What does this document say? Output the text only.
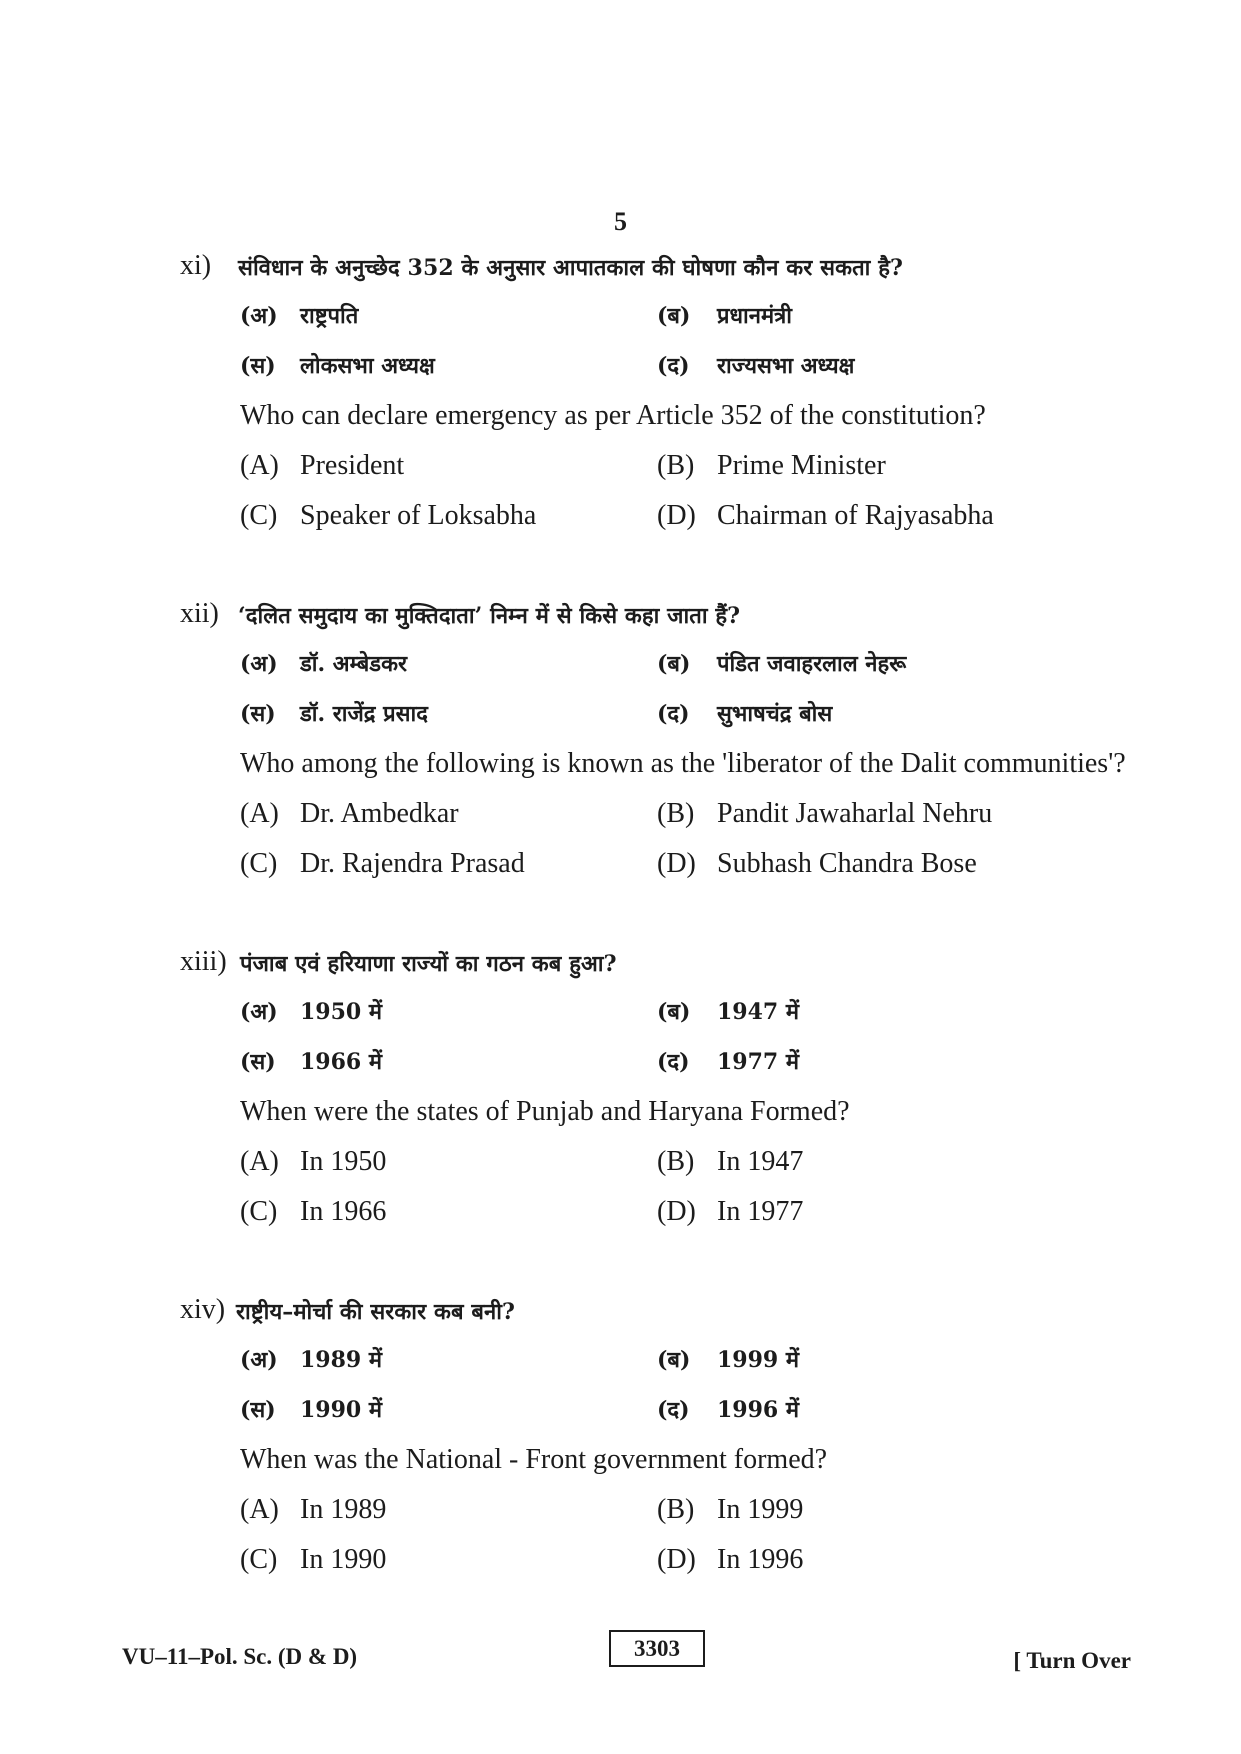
5
xi) संविधान के अनुच्छेद 352 के अनुसार आपातकाल की घोषणा कौन कर सकता है?
(अ) राष्ट्रपति	(ब) प्रधानमंत्री
(स) लोकसभा अध्यक्ष	(द) राज्यसभा अध्यक्ष
Who can declare emergency as per Article 352 of the constitution?
(A) President	(B) Prime Minister
(C) Speaker of Loksabha	(D) Chairman of Rajyasabha
xii) ‘दलित समुदाय का मुक्तिदाता’ निम्न में से किसे कहा जाता हैं?
(अ) डॉ. अम्बेडकर	(ब) पंडित जवाहरलाल नेहरू
(स) डॉ. राजेंद्र प्रसाद	(द) सुभाषचंद्र बोस
Who among the following is known as the 'liberator of the Dalit communities'?
(A) Dr. Ambedkar	(B) Pandit Jawaharlal Nehru
(C) Dr. Rajendra Prasad	(D) Subhash Chandra Bose
xiii) पंजाब एवं हरियाणा राज्यों का गठन कब हुआ?
(अ) 1950 में	(ब) 1947 में
(स) 1966 में	(द) 1977 में
When were the states of Punjab and Haryana Formed?
(A) In 1950	(B) In 1947
(C) In 1966	(D) In 1977
xiv) राष्ट्रीय–मोर्चा की सरकार कब बनी?
(अ) 1989 में	(ब) 1999 में
(स) 1990 में	(द) 1996 में
When was the National - Front government formed?
(A) In 1989	(B) In 1999
(C) In 1990	(D) In 1996
VU–11–Pol. Sc. (D & D)	3303	[ Turn Over
